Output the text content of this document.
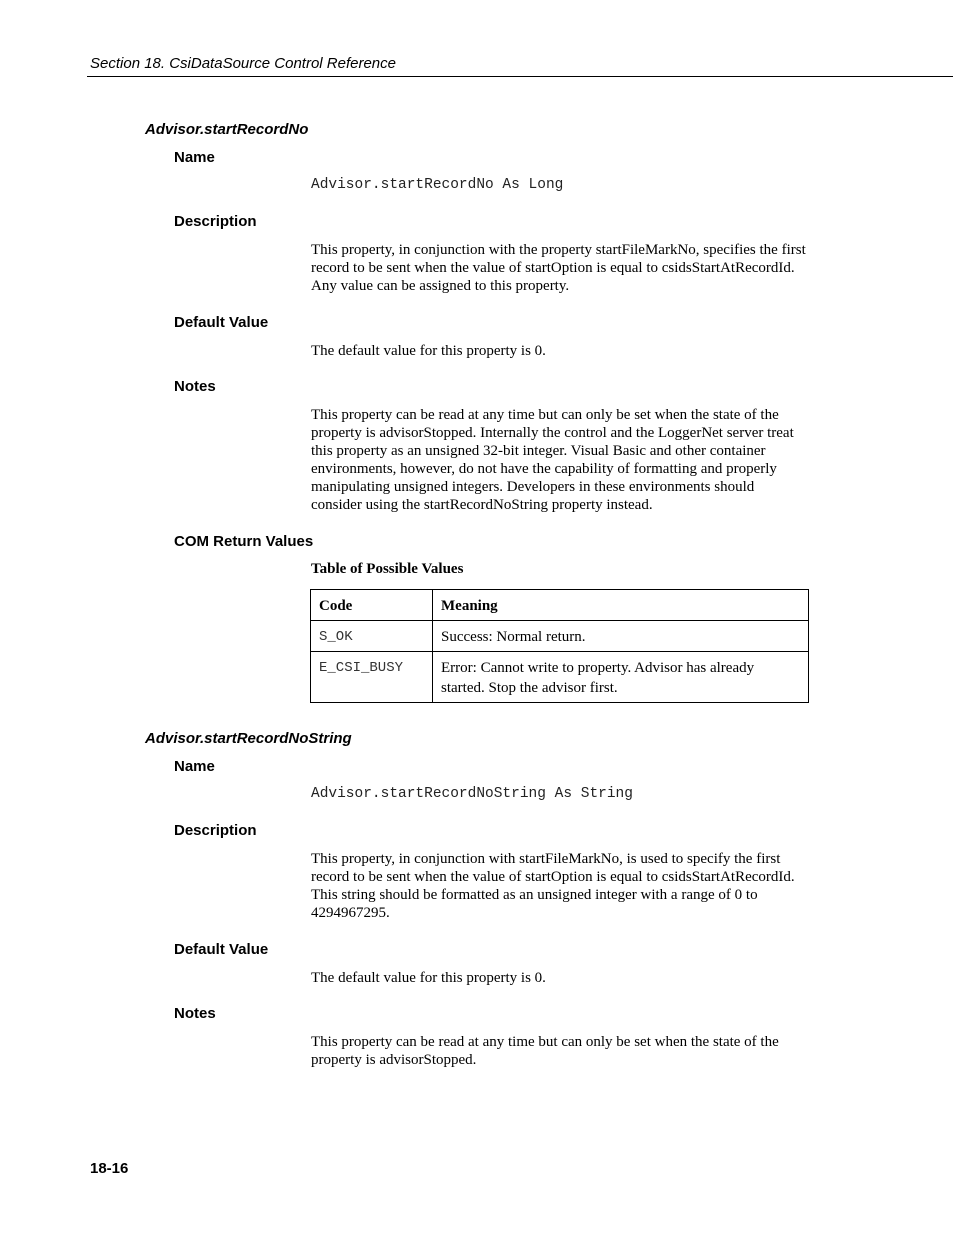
Section 18. CsiDataSource Control Reference
Advisor.startRecordNo
Name
Advisor.startRecordNo As Long
Description
This property, in conjunction with the property startFileMarkNo, specifies the first record to be sent when the value of startOption is equal to csidsStartAtRecordId. Any value can be assigned to this property.
Default Value
The default value for this property is 0.
Notes
This property can be read at any time but can only be set when the state of the property is advisorStopped. Internally the control and the LoggerNet server treat this property as an unsigned 32-bit integer. Visual Basic and other container environments, however, do not have the capability of formatting and properly manipulating unsigned integers. Developers in these environments should consider using the startRecordNoString property instead.
COM Return Values
Table of Possible Values
Code	Meaning
S_OK	Success: Normal return.
E_CSI_BUSY	Error: Cannot write to property. Advisor has already started. Stop the advisor first.
Advisor.startRecordNoString
Name
Advisor.startRecordNoString As String
Description
This property, in conjunction with startFileMarkNo, is used to specify the first record to be sent when the value of startOption is equal to csidsStartAtRecordId. This string should be formatted as an unsigned integer with a range of 0 to 4294967295.
Default Value
The default value for this property is 0.
Notes
This property can be read at any time but can only be set when the state of the property is advisorStopped.
18-16
